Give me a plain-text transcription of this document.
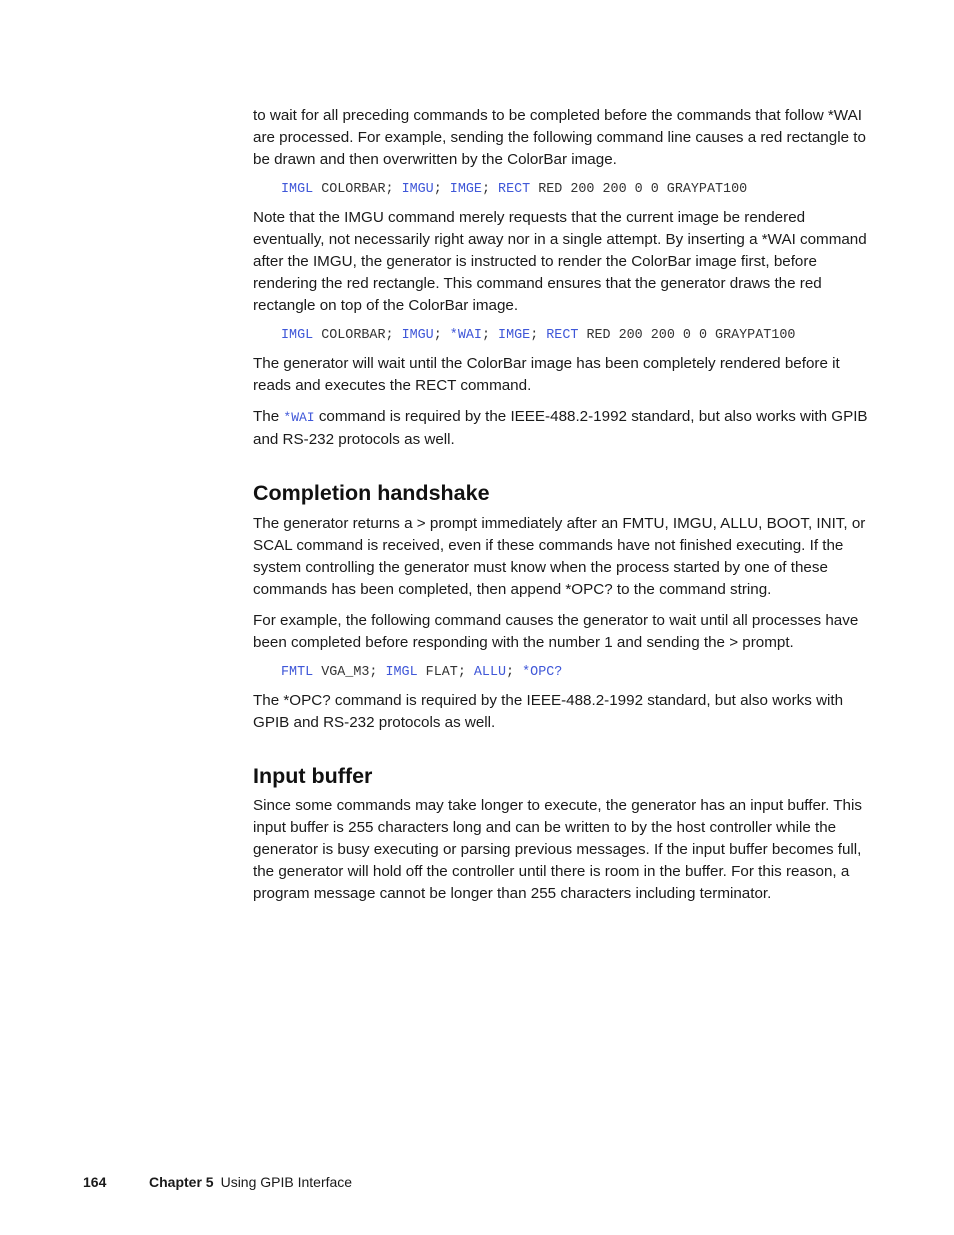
to wait for all preceding commands to be completed before the commands that follow *WAI are processed. For example, sending the following command line causes a red rectangle to be drawn and then overwritten by the ColorBar image.

IMGL COLORBAR; IMGU; IMGE; RECT RED 200 200 0 0 GRAYPAT100

Note that the IMGU command merely requests that the current image be rendered eventually, not necessarily right away nor in a single attempt. By inserting a *WAI command after the IMGU, the generator is instructed to render the ColorBar image first, before rendering the red rectangle. This command ensures that the generator draws the red rectangle on top of the ColorBar image.

IMGL COLORBAR; IMGU; *WAI; IMGE; RECT RED 200 200 0 0 GRAYPAT100

The generator will wait until the ColorBar image has been completely rendered before it reads and executes the RECT command.

The *WAI command is required by the IEEE-488.2-1992 standard, but also works with GPIB and RS-232 protocols as well.

Completion handshake

The generator returns a > prompt immediately after an FMTU, IMGU, ALLU, BOOT, INIT, or SCAL command is received, even if these commands have not finished executing. If the system controlling the generator must know when the process started by one of these commands has been completed, then append *OPC? to the command string.

For example, the following command causes the generator to wait until all processes have been completed before responding with the number 1 and sending the > prompt.

FMTL VGA_M3; IMGL FLAT; ALLU; *OPC?

The *OPC? command is required by the IEEE-488.2-1992 standard, but also works with GPIB and RS-232 protocols as well.

Input buffer

Since some commands may take longer to execute, the generator has an input buffer. This input buffer is 255 characters long and can be written to by the host controller while the generator is busy executing or parsing previous messages. If the input buffer becomes full, the generator will hold off the controller until there is room in the buffer. For this reason, a program message cannot be longer than 255 characters including terminator.

164	Chapter 5 Using GPIB Interface
